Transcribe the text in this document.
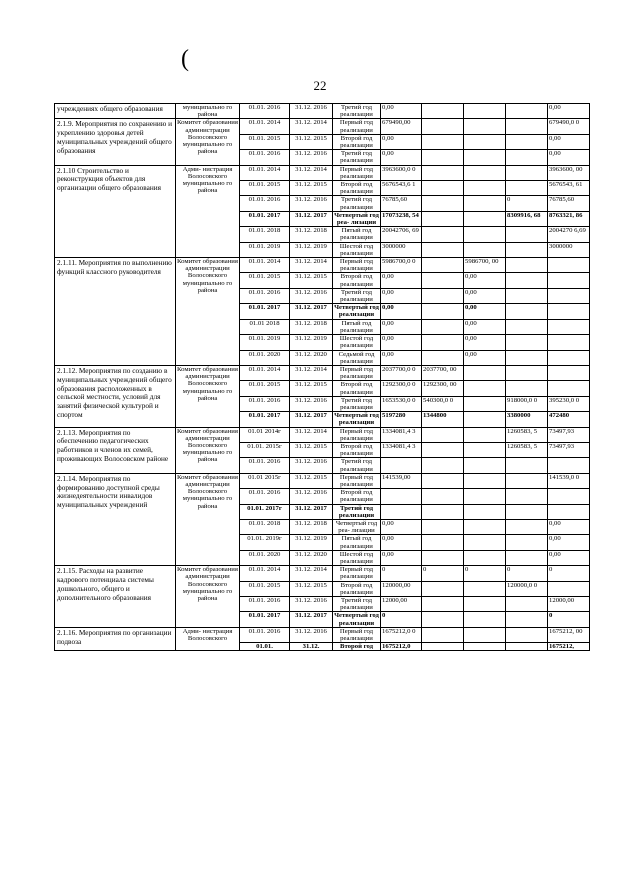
(
22
учреждениях общего образования	муниципально го района	01.01. 2016	31.12. 2016	Третий год реализации	0,00				0,00	
2.1.9. Мероприятия по сохранению и укреплению здоровья детей муниципальных учреждений общего образования	Комитет образования администрации Волосовского муниципально го района	01.01. 2014	31.12. 2014	Первый год реализации	679490,00				679490,0 0	
		01.01. 2015	31.12. 2015	Второй год реализации	0,00				0,00	
		01.01. 2016	31.12. 2016	Третий год реализации	0,00				0,00	
2.1.10 Строительство и реконструкция объектов для организации общего образования	Адми- нистрация Волосовского муниципально го района	01.01. 2014	31.12. 2014	Первый год реализации	3963600,0 0				3963600, 00	
		01.01. 2015	31.12. 2015	Второй год реализации	5676543,6 1				5676543, 61	
		01.01. 2016	31.12. 2016	Третий год реализации	76785,60			0	76785,60	
		01.01. 2017	31.12. 2017	Четвертый год реа- лизации	17073238, 54			8309916, 68	8763321, 86	
		01.01. 2018	31.12. 2018	Пятый год реализации	20042706, 69				2004270 6,69	
		01.01. 2019	31.12. 2019	Шестой год реализации	3000000				3000000	
2.1.11. Мероприятия по выполнению функций классного руководителя	Комитет образования администрации Волосовского муниципально го района	01.01. 2014	31.12. 2014	Первый год реализации	5986700,0 0		5986700, 00			
		01.01. 2015	31.12. 2015	Второй год реализации	0,00		0,00			
		01.01. 2016	31.12. 2016	Третий год реализации	0,00		0,00			
		01.01. 2017	31.12. 2017	Четвертый год реализации	0,00		0,00			
		01.01 2018	31.12. 2018	Пятый год реализации	0,00		0,00			
		01.01. 2019	31.12. 2019	Шестой год реализации	0,00		0,00			
		01.01. 2020	31.12. 2020	Седьмой год реализации	0,00		0,00			
2.1.12. Мероприятия по созданию в муниципальных учреждений общего образования расположенных в сельской местности, условий для занятий физической культурой и спортом	Комитет образования администрации Волосовского муниципально го района	01.01. 2014	31.12. 2014	Первый год реализации	2037700,0 0	2037700, 00				
		01.01. 2015	31.12. 2015	Второй год реализации	1292300,0 0	1292300, 00				
		01.01. 2016	31.12. 2016	Третий год реализации	1653530,0 0	540300,0 0		918000,0 0	395230,0 0	
		01.01. 2017	31.12. 2017	Четвертый год реализации	5197280	1344800		3380000	472480	
2.1.13. Мероприятия по обеспечению педагогических работников и членов их семей, проживающих Волосовском районе	Комитет образования администрации Волосовского муниципально го района	01.01 2014г	31.12. 2014	Первый год реализации	1334081,4 3			1260583, 5	73497,93	
		01.01. 2015г	31.12. 2015	Второй год реализации	1334081,4 3			1260583, 5	73497,93	
		01.01. 2016	31.12. 2016	Третий год реализации						
2.1.14. Мероприятия по формированию доступной среды жизнедеятельности инвалидов муниципальных учреждений	Комитет образования администрации Волосовского муниципально го района	01.01 2015г	31.12. 2015	Первый год реализации	141539,00				141539,0 0	
		01.01. 2016	31.12. 2016	Второй год реализации						
		01.01. 2017г	31.12. 2017	Третий год реализации						
		01.01. 2018	31.12. 2018	Четвертый год реа- лизации	0,00				0,00	
		01.01. 2019г	31.12. 2019	Пятый год реализации	0,00				0,00	
		01.01. 2020	31.12. 2020	Шестой год реализации	0,00				0,00	
2.1.15. Расходы на развитие кадрового потенциала системы дошкольного, общего и дополнительного образования	Комитет образования администрации Волосовского муниципально го района	01.01. 2014	31.12. 2014	Первый год реализации	0	0	0	0	0	
		01.01. 2015	31.12. 2015	Второй год реализации	120000,00			120000,0 0		
		01.01. 2016	31.12. 2016	Третий год реализации	12000,00				12000,00	
		01.01. 2017	31.12. 2017	Четвертый год реализации	0				0	
2.1.16. Мероприятия по организации подвоза	Адми- нистрация Волосовского	01.01. 2016	31.12. 2016	Первый год реализации	1675212,0 0				1675212, 00	
		01.01.	31.12.	Второй год	1675212,0				1675212,	
